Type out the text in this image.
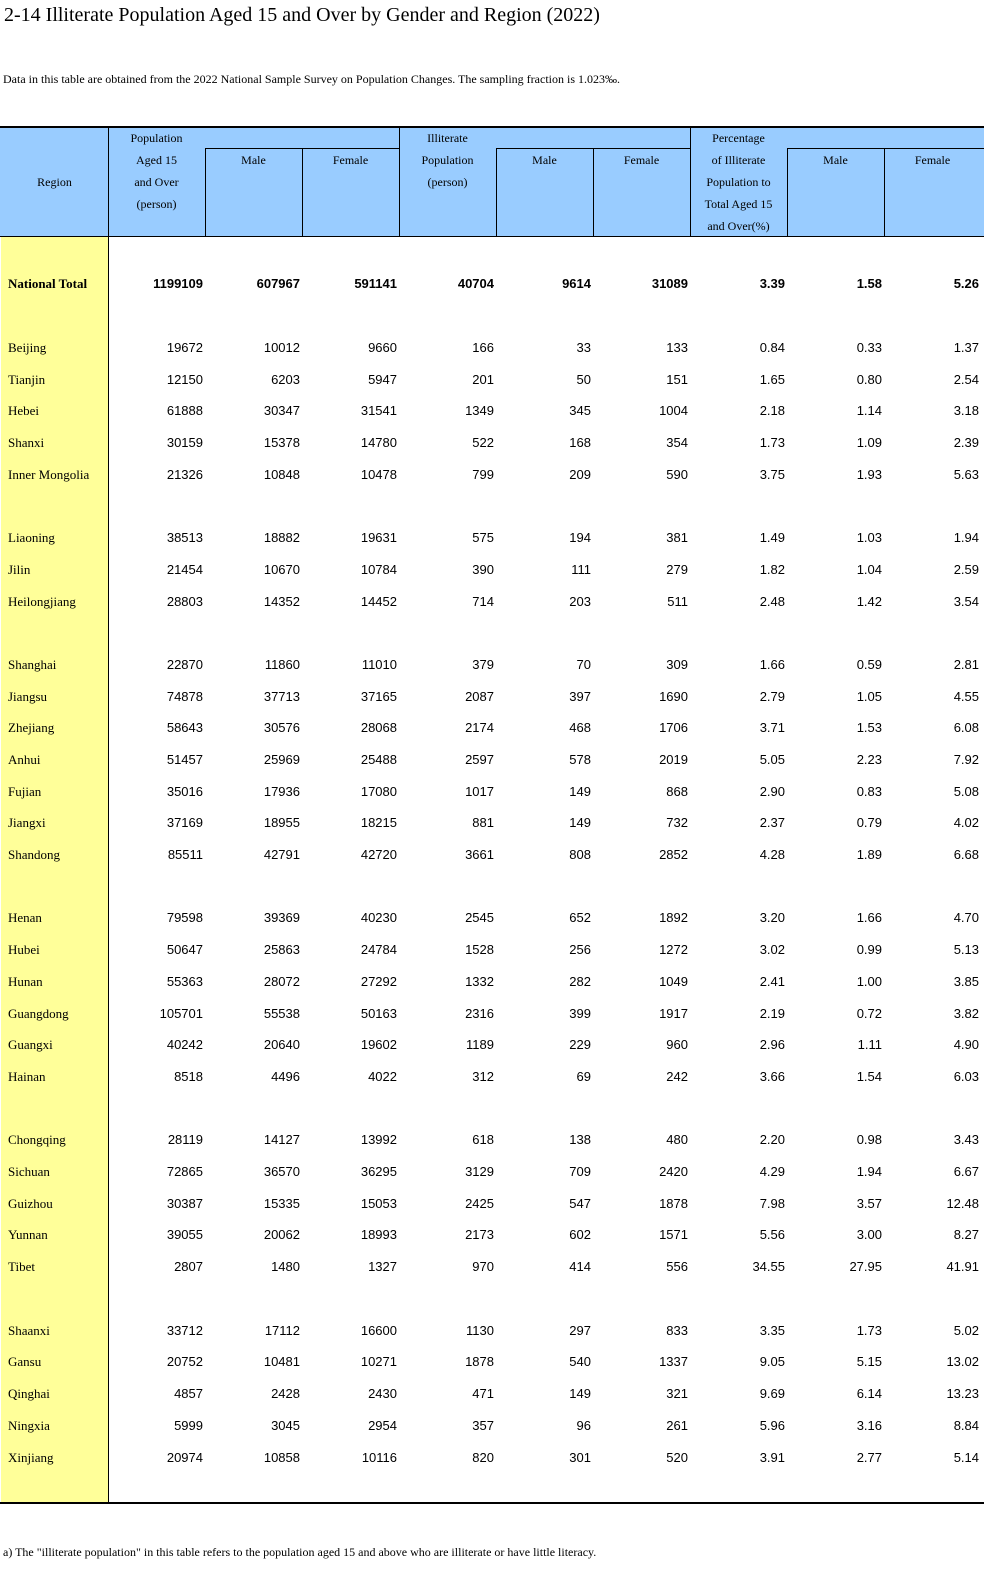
2-14 Illiterate Population Aged 15 and Over by Gender and Region (2022)
Data in this table are obtained from the 2022 National Sample Survey on Population Changes. The sampling fraction is 1.023‰.
Region
Population
Aged 15
and Over
(person)
Male	Female
Illiterate
Population
(person)
Male	Female
Percentage
of Illiterate
Population to
Total Aged 15
and Over(%)
Male	Female
National Total	1199109	607967	591141	40704	9614	31089	3.39	1.58	5.26
Beijing	19672	10012	9660	166	33	133	0.84	0.33	1.37
Tianjin	12150	6203	5947	201	50	151	1.65	0.80	2.54
Hebei	61888	30347	31541	1349	345	1004	2.18	1.14	3.18
Shanxi	30159	15378	14780	522	168	354	1.73	1.09	2.39
Inner Mongolia	21326	10848	10478	799	209	590	3.75	1.93	5.63
Liaoning	38513	18882	19631	575	194	381	1.49	1.03	1.94
Jilin	21454	10670	10784	390	111	279	1.82	1.04	2.59
Heilongjiang	28803	14352	14452	714	203	511	2.48	1.42	3.54
Shanghai	22870	11860	11010	379	70	309	1.66	0.59	2.81
Jiangsu	74878	37713	37165	2087	397	1690	2.79	1.05	4.55
Zhejiang	58643	30576	28068	2174	468	1706	3.71	1.53	6.08
Anhui	51457	25969	25488	2597	578	2019	5.05	2.23	7.92
Fujian	35016	17936	17080	1017	149	868	2.90	0.83	5.08
Jiangxi	37169	18955	18215	881	149	732	2.37	0.79	4.02
Shandong	85511	42791	42720	3661	808	2852	4.28	1.89	6.68
Henan	79598	39369	40230	2545	652	1892	3.20	1.66	4.70
Hubei	50647	25863	24784	1528	256	1272	3.02	0.99	5.13
Hunan	55363	28072	27292	1332	282	1049	2.41	1.00	3.85
Guangdong	105701	55538	50163	2316	399	1917	2.19	0.72	3.82
Guangxi	40242	20640	19602	1189	229	960	2.96	1.11	4.90
Hainan	8518	4496	4022	312	69	242	3.66	1.54	6.03
Chongqing	28119	14127	13992	618	138	480	2.20	0.98	3.43
Sichuan	72865	36570	36295	3129	709	2420	4.29	1.94	6.67
Guizhou	30387	15335	15053	2425	547	1878	7.98	3.57	12.48
Yunnan	39055	20062	18993	2173	602	1571	5.56	3.00	8.27
Tibet	2807	1480	1327	970	414	556	34.55	27.95	41.91
Shaanxi	33712	17112	16600	1130	297	833	3.35	1.73	5.02
Gansu	20752	10481	10271	1878	540	1337	9.05	5.15	13.02
Qinghai	4857	2428	2430	471	149	321	9.69	6.14	13.23
Ningxia	5999	3045	2954	357	96	261	5.96	3.16	8.84
Xinjiang	20974	10858	10116	820	301	520	3.91	2.77	5.14
a) The "illiterate population" in this table refers to the population aged 15 and above who are illiterate or have little literacy.
